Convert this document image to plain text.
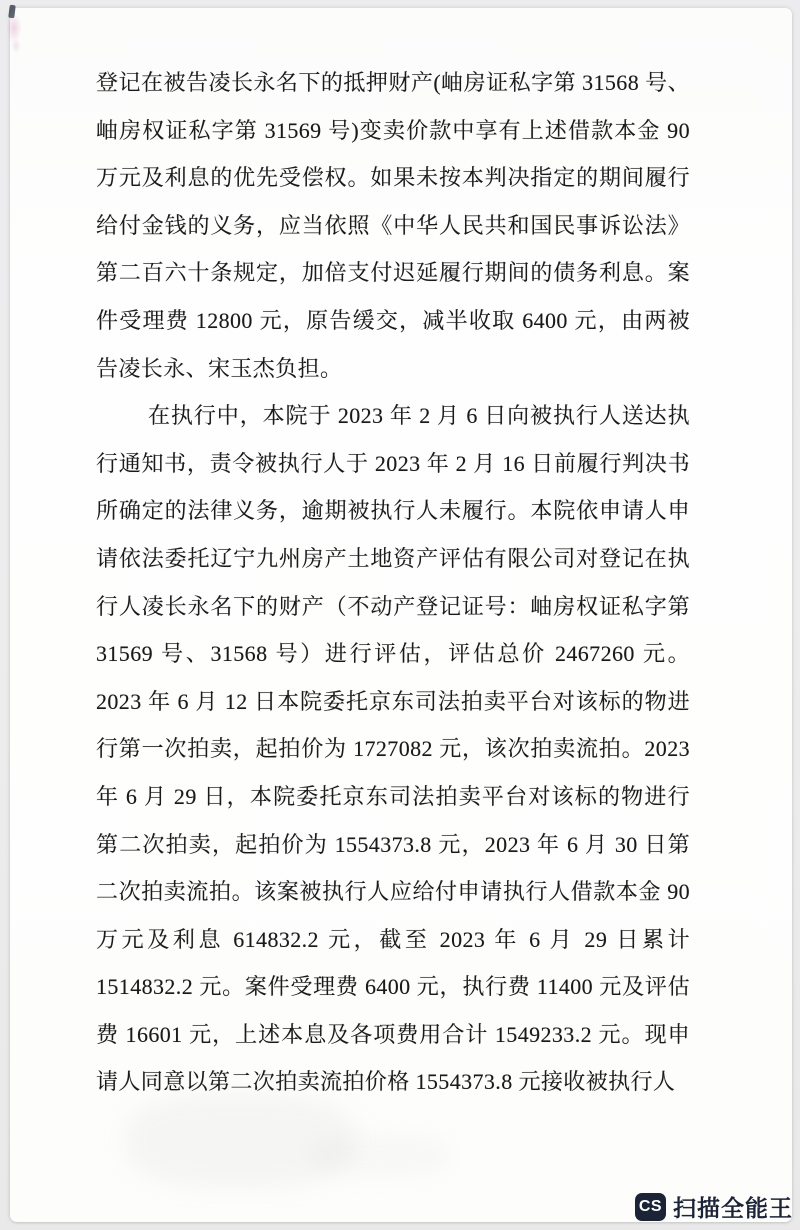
登记在被告凌长永名下的抵押财产(岫房证私字第 31568 号、岫房权证私字第 31569 号)变卖价款中享有上述借款本金 90 万元及利息的优先受偿权。如果未按本判决指定的期间履行给付金钱的义务，应当依照《中华人民共和国民事诉讼法》第二百六十条规定，加倍支付迟延履行期间的债务利息。案件受理费 12800 元，原告缓交，减半收取 6400 元，由两被告凌长永、宋玉杰负担。

在执行中，本院于 2023 年 2 月 6 日向被执行人送达执行通知书，责令被执行人于 2023 年 2 月 16 日前履行判决书所确定的法律义务，逾期被执行人未履行。本院依申请人申请依法委托辽宁九州房产土地资产评估有限公司对登记在执行人凌长永名下的财产（不动产登记证号：岫房权证私字第 31569 号、31568 号）进行评估，评估总价 2467260 元。2023 年 6 月 12 日本院委托京东司法拍卖平台对该标的物进行第一次拍卖，起拍价为 1727082 元，该次拍卖流拍。2023 年 6 月 29 日，本院委托京东司法拍卖平台对该标的物进行第二次拍卖，起拍价为 1554373.8 元，2023 年 6 月 30 日第二次拍卖流拍。该案被执行人应给付申请执行人借款本金 90 万元及利息 614832.2 元，截至 2023 年 6 月 29 日累计 1514832.2 元。案件受理费 6400 元，执行费 11400 元及评估费 16601 元，上述本息及各项费用合计 1549233.2 元。现申请人同意以第二次拍卖流拍价格 1554373.8 元接收被执行人

CS 扫描全能王
